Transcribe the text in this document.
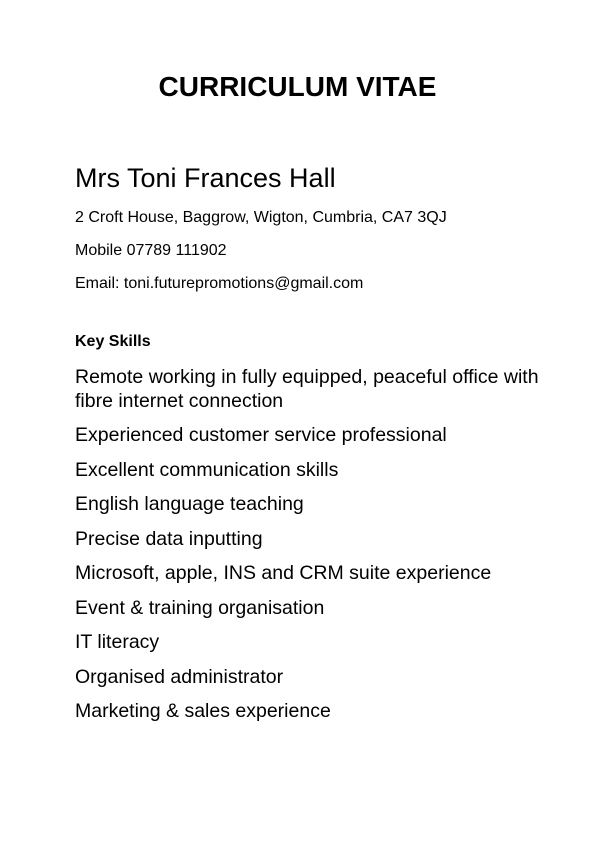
CURRICULUM VITAE
Mrs Toni Frances Hall

2 Croft House, Baggrow, Wigton, Cumbria, CA7 3QJ

Mobile 07789 111902

Email: toni.futurepromotions@gmail.com

Key Skills
Remote working in fully equipped, peaceful office with fibre internet connection
Experienced customer service professional
Excellent communication skills
English language teaching
Precise data inputting
Microsoft, apple, INS and CRM suite experience
Event & training organisation
IT literacy
Organised administrator
Marketing & sales experience
